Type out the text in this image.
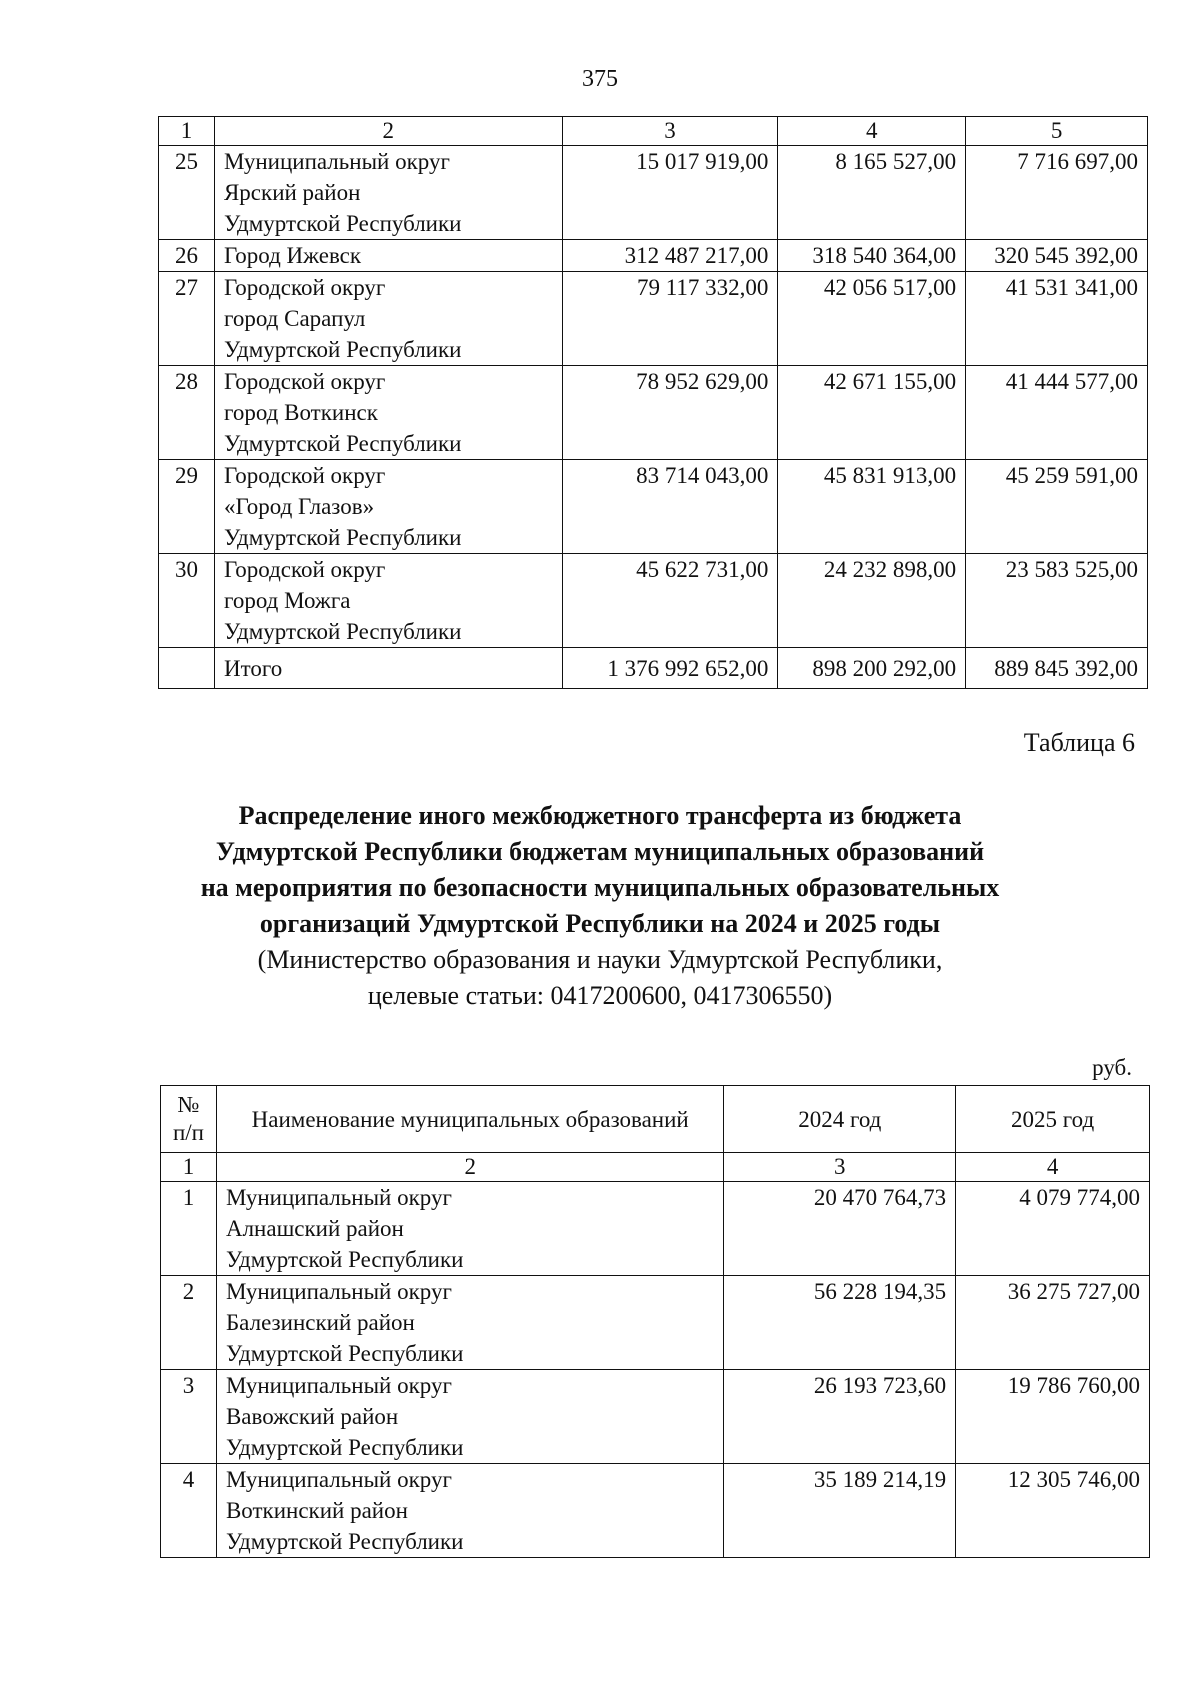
375
1	2	3	4	5
25	Муниципальный округ
Ярский район
Удмуртской Республики	15 017 919,00	8 165 527,00	7 716 697,00
26	Город Ижевск	312 487 217,00	318 540 364,00	320 545 392,00
27	Городской округ
город Сарапул
Удмуртской Республики	79 117 332,00	42 056 517,00	41 531 341,00
28	Городской округ
город Воткинск
Удмуртской Республики	78 952 629,00	42 671 155,00	41 444 577,00
29	Городской округ
«Город Глазов»
Удмуртской Республики	83 714 043,00	45 831 913,00	45 259 591,00
30	Городской округ
город Можга
Удмуртской Республики	45 622 731,00	24 232 898,00	23 583 525,00
	Итого	1 376 992 652,00	898 200 292,00	889 845 392,00
Таблица 6
Распределение иного межбюджетного трансферта из бюджета
Удмуртской Республики бюджетам муниципальных образований
на мероприятия по безопасности муниципальных образовательных
организаций Удмуртской Республики на 2024 и 2025 годы
(Министерство образования и науки Удмуртской Республики,
целевые статьи: 0417200600, 0417306550)
руб.
№
п/п	Наименование муниципальных образований	2024 год	2025 год
1	2	3	4
1	Муниципальный округ
Алнашский район
Удмуртской Республики	20 470 764,73	4 079 774,00
2	Муниципальный округ
Балезинский район
Удмуртской Республики	56 228 194,35	36 275 727,00
3	Муниципальный округ
Вавожский район
Удмуртской Республики	26 193 723,60	19 786 760,00
4	Муниципальный округ
Воткинский район
Удмуртской Республики	35 189 214,19	12 305 746,00
